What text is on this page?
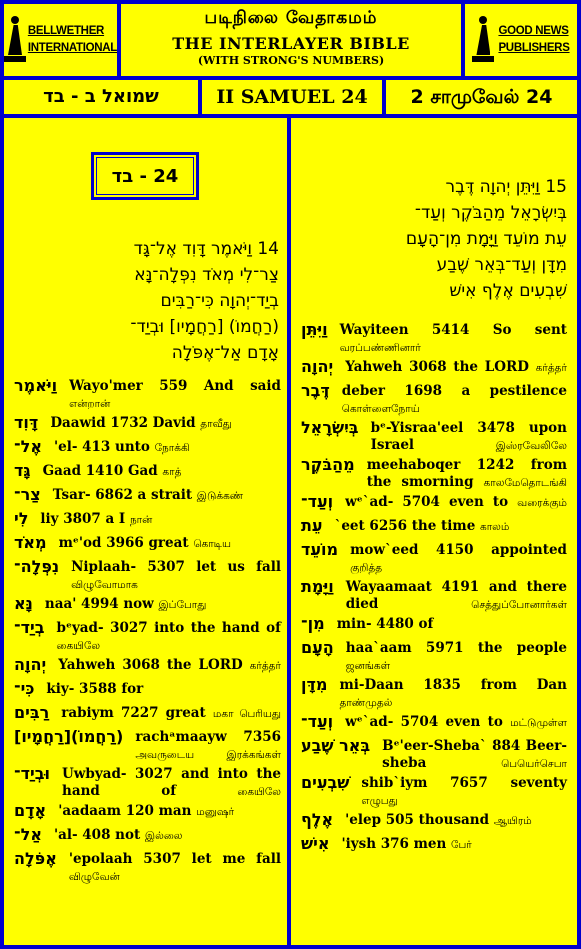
BELLWETHER
INTERNATIONAL
படிநிலை வேதாகமம்
THE INTERLAYER BIBLE
(WITH STRONG'S NUMBERS)
GOOD NEWS
PUBLISHERS
שמואל ב - בד	II SAMUEL 24	2 சாமுவேல் 24
24 - בד
14 וַיֹּאמֶר דָּוִד אֶל־גָּד
צַר־לִי מְאֹד נִפְּלָה־נָּא
בְיַד־יְהוָה כִּי־רַבִּים
(רַחֲמוֹ) [רַחֲמָיו] וּבְיַד־
אָדָם אַל־אֶפֹּלָה
וַיֹּאמֶר Wayo'mer 559 And said என்றான்
דָּוִד Daawid 1732 David தாவீது
אֶל־ 'el- 413 unto நோக்கி
גָּד Gaad 1410 Gad காத்
צַר־ Tsar- 6862 a strait இடுக்கண்
לִי liy 3807 a I நான்
מְאֹד mᵉ'od 3966 great கொடிய
נִפְּלָה־ Niplaah- 5307 let us fall விழுவோமாக
נָּא naa' 4994 now இப்போது
בְיַד־ bᵉyad- 3027 into the hand of கையிலே
יְהוָה Yahweh 3068 the LORD கர்த்தர்
כִּי־ kiy- 3588 for
רַבִּים rabiym 7227 great மகா பெரியது
(רַחֲמוֹ)[רַחֲמָיו] rachᵃmaayw 7356 அவருடைய இரக்கங்கள்
וּבְיַד־ Uwbyad- 3027 and into the hand of	கையிலே
אָדָם 'aadaam 120 man மனுஷர்
אַל־ 'al- 408 not இல்லை
אֶפֹּלָה 'epolaah 5307 let me fall விழுவேன்
15 וַיִּתֵּן יְהוָה דֶּבֶר
בְּיִשְׂרָאֵל מֵהַבֹּקֶר וְעַד־
עֵת מוֹעֵד וַיָּמָת מִן־הָעָם
מִדָּן וְעַד־בְּאֵר שֶׁבַע
שִׁבְעִים אֶלֶף אִישׁ
וַיִּתֵּן Wayiteen 5414 So sent வரப்பண்ணினார்
יְהוָה Yahweh 3068 the LORD கர்த்தர்
דֶּבֶר deber 1698 a pestilence கொள்ளைநோய்
בְּיִשְׂרָאֵל bᵉ-Yisraa'eel 3478 upon Israel	இஸ்ரவேலிலே
מֵהַבֹּקֶר meehaboqer 1242 from the smorning காலமேதொடங்கி
וְעַד־ wᵉ`ad- 5704 even to வரைக்கும்
עֵת `eet 6256 the time காலம்
מוֹעֵד mow`eed 4150 appointed குறித்த
וַיָּמָת Wayaamaat 4191 and there died	செத்துப்போனார்கள்
מִן־ min- 4480 of
הָעָם haa`aam 5971 the people ஜனங்கள்
מִדָּן mi-Daan 1835 from Dan தாண்முதல்
וְעַד־ wᵉ`ad- 5704 even to மட்டுமுள்ள
בְּאֵר שֶׁבַע Bᵉ'eer-Sheba` 884 Beer-sheba	பெயெர்செபா
שִׁבְעִים shib`iym 7657 seventy எழுபது
אֶלֶף 'elep 505 thousand ஆயிரம்
אִישׁ 'iysh 376 men பேர்
